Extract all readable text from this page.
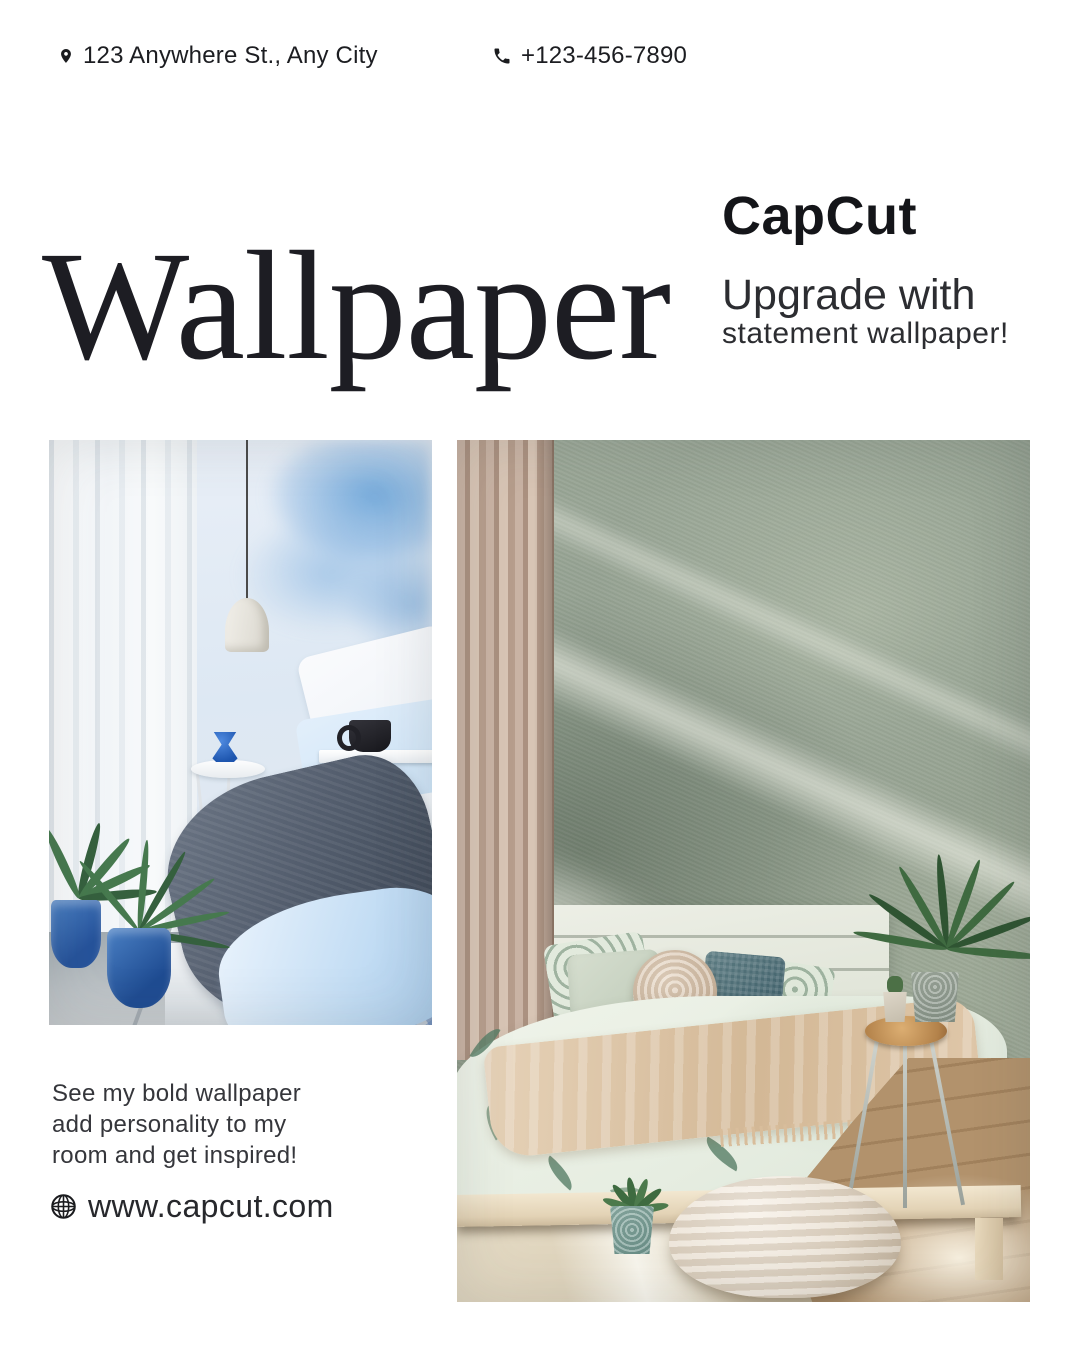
123 Anywhere St., Any City	+123-456-7890
Wallpaper
CapCut
Upgrade with
statement wallpaper!
See my bold wallpaper
add personality to my
room and get inspired!
www.capcut.com
